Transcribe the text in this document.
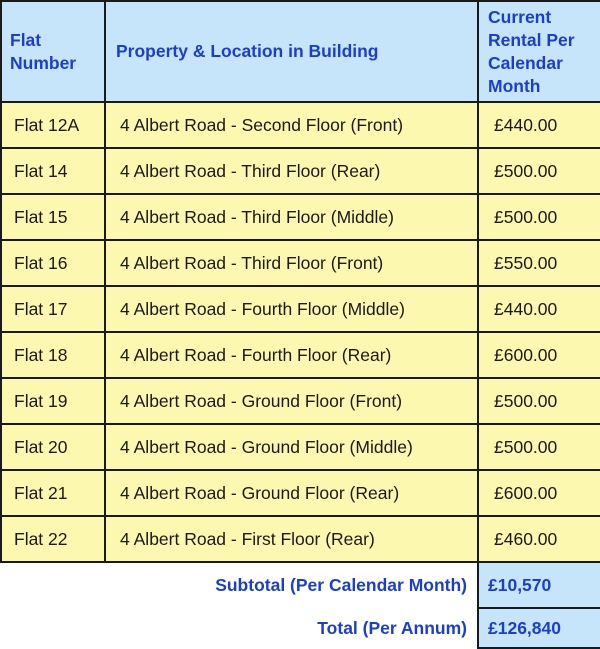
Flat Number	Property & Location in Building	Current Rental Per Calendar Month
Flat 12A	4 Albert Road - Second Floor (Front)	£440.00
Flat 14	4 Albert Road - Third Floor (Rear)	£500.00
Flat 15	4 Albert Road - Third Floor (Middle)	£500.00
Flat 16	4 Albert Road - Third Floor (Front)	£550.00
Flat 17	4 Albert Road - Fourth Floor (Middle)	£440.00
Flat 18	4 Albert Road - Fourth Floor (Rear)	£600.00
Flat 19	4 Albert Road - Ground Floor (Front)	£500.00
Flat 20	4 Albert Road - Ground Floor (Middle)	£500.00
Flat 21	4 Albert Road - Ground Floor (Rear)	£600.00
Flat 22	4 Albert Road - First Floor (Rear)	£460.00
Subtotal (Per Calendar Month)		£10,570
Total (Per Annum)		£126,840
